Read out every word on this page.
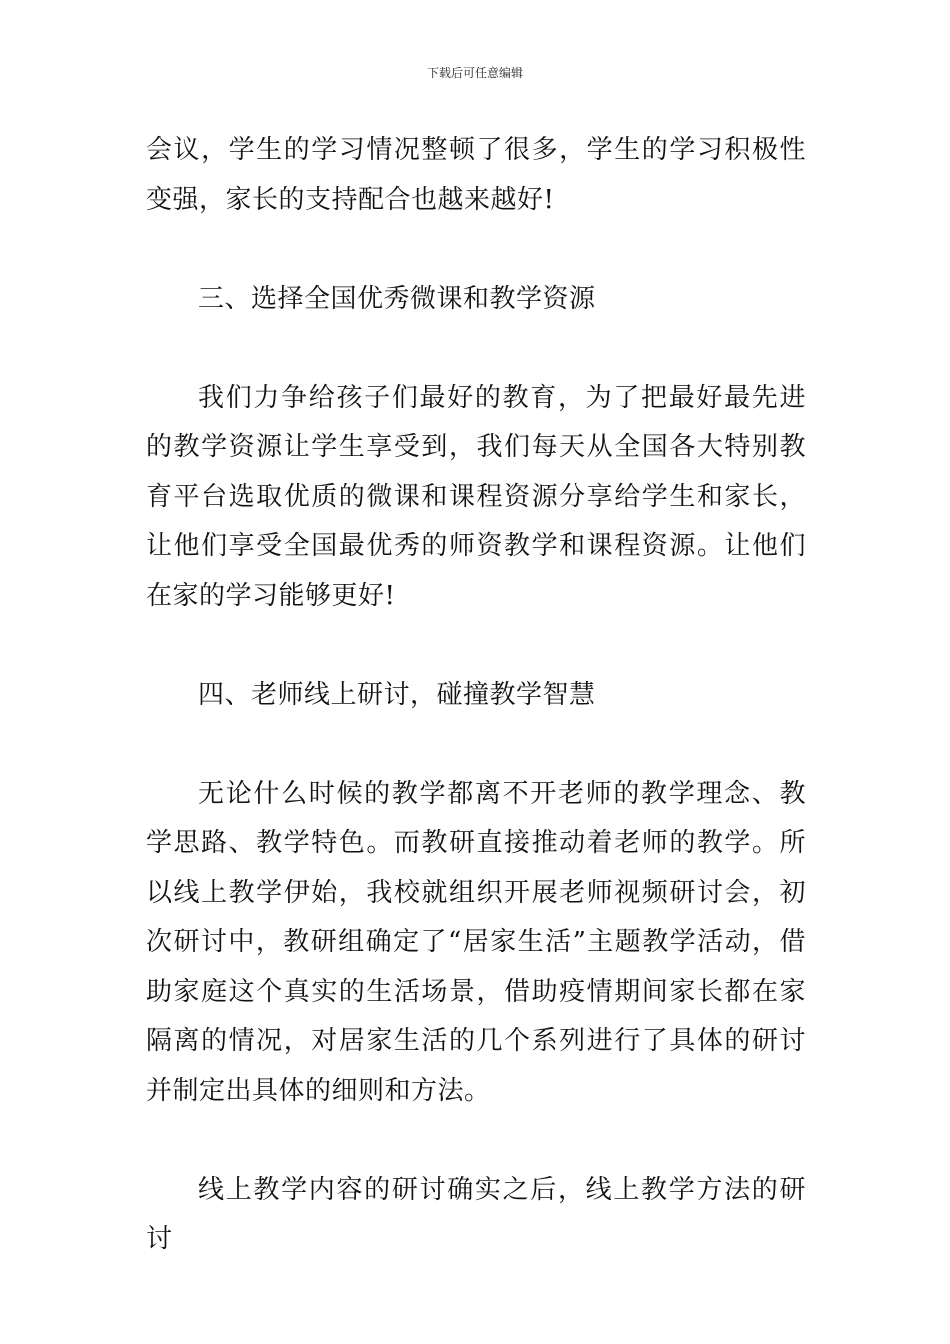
下载后可任意编辑

会议，学生的学习情况整顿了很多，学生的学习积极性变强，家长的支持配合也越来越好!

三、选择全国优秀微课和教学资源

我们力争给孩子们最好的教育，为了把最好最先进的教学资源让学生享受到，我们每天从全国各大特别教育平台选取优质的微课和课程资源分享给学生和家长，让他们享受全国最优秀的师资教学和课程资源。让他们在家的学习能够更好!

四、老师线上研讨，碰撞教学智慧

无论什么时候的教学都离不开老师的教学理念、教学思路、教学特色。而教研直接推动着老师的教学。所以线上教学伊始，我校就组织开展老师视频研讨会，初次研讨中，教研组确定了“居家生活”主题教学活动，借助家庭这个真实的生活场景，借助疫情期间家长都在家隔离的情况，对居家生活的几个系列进行了具体的研讨并制定出具体的细则和方法。

线上教学内容的研讨确实之后，线上教学方法的研讨
